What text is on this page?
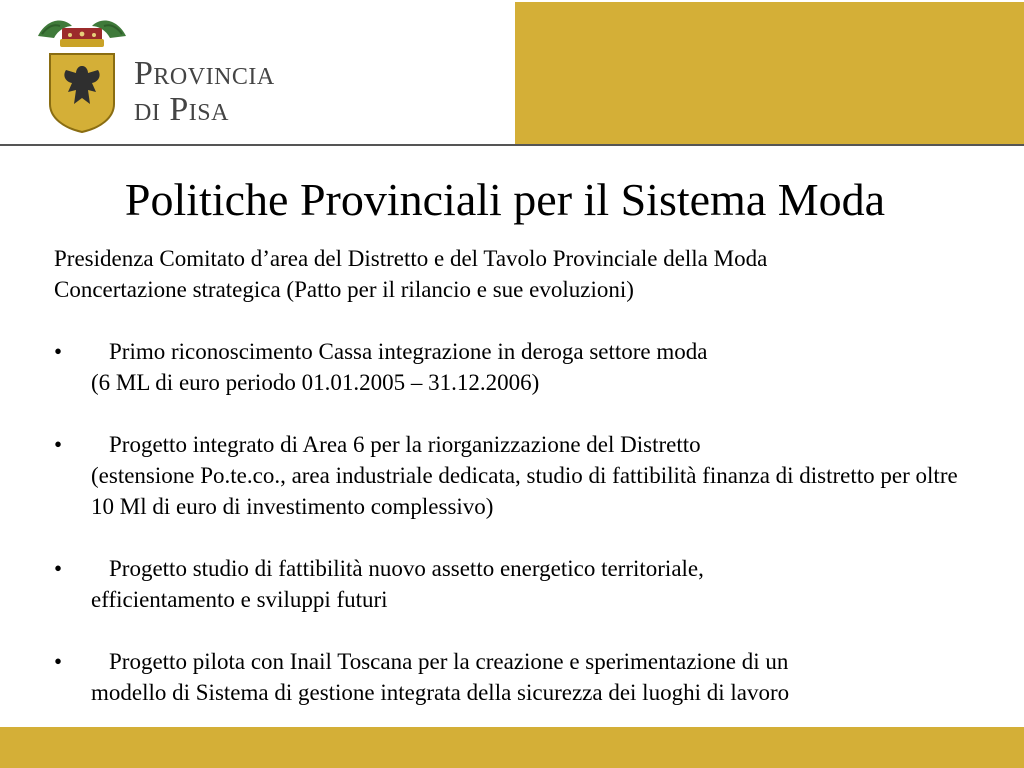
Provincia
di Pisa
Politiche Provinciali per il Sistema Moda

Presidenza Comitato d’area del Distretto e del Tavolo Provinciale della Moda

Concertazione strategica (Patto per il rilancio e sue evoluzioni)

•	Primo riconoscimento Cassa integrazione in deroga settore moda
(6 ML di euro periodo 01.01.2005 – 31.12.2006)
•	Progetto integrato di Area 6 per la riorganizzazione del Distretto
(estensione Po.te.co., area industriale dedicata, studio di fattibilità finanza di distretto per oltre 10 Ml di euro di investimento complessivo)
•	Progetto studio di fattibilità nuovo assetto energetico territoriale,
efficientamento e sviluppi futuri
•	Progetto pilota con Inail Toscana per la creazione e sperimentazione di un
modello di Sistema di gestione integrata della sicurezza dei luoghi di lavoro
